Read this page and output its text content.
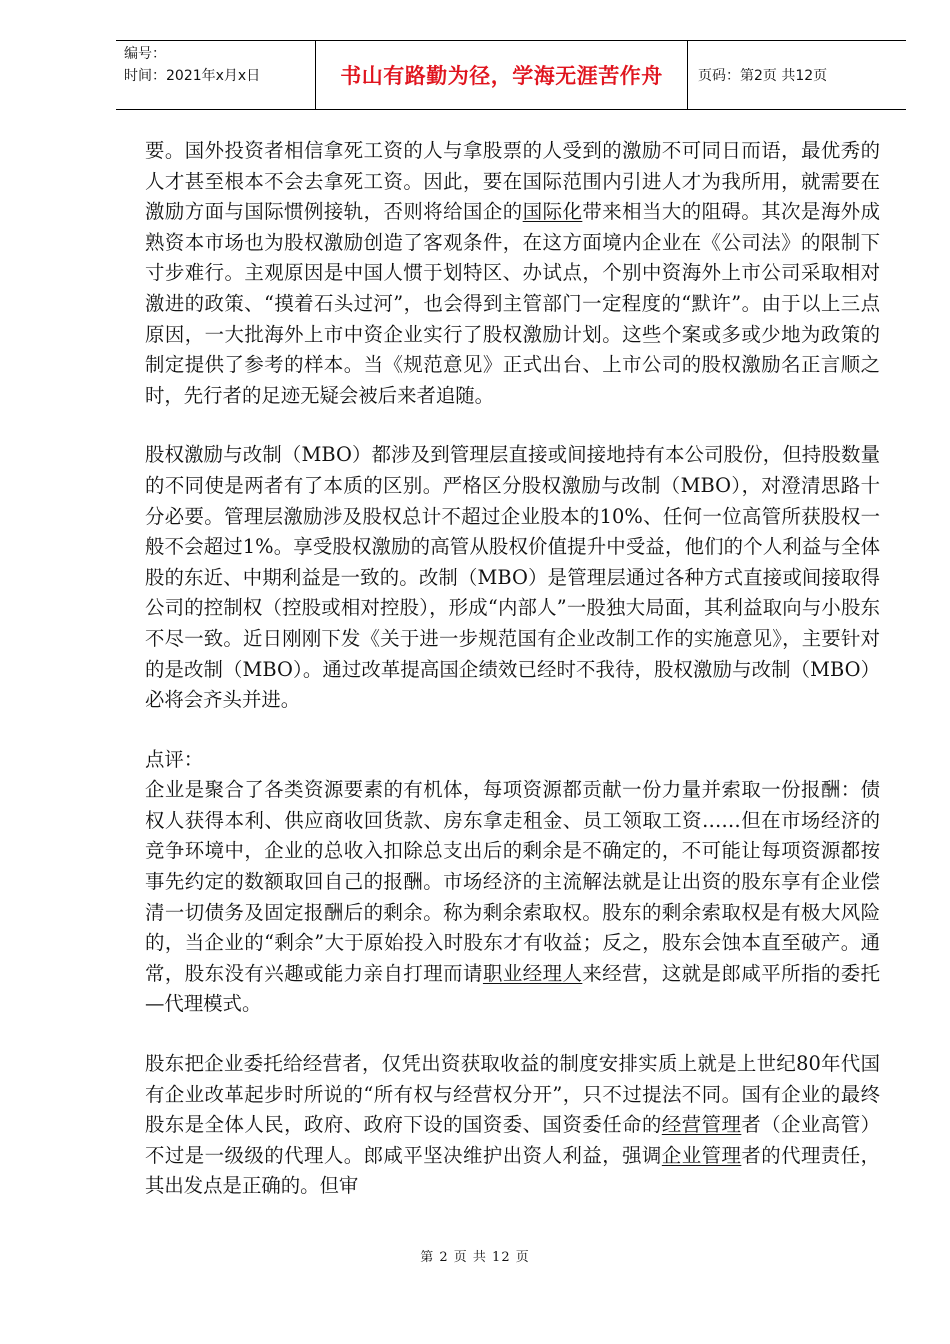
编号：
时间：2021年x月x日	书山有路勤为径，学海无涯苦作舟	页码：第2页 共12页

要。国外投资者相信拿死工资的人与拿股票的人受到的激励不可同日而语，最优秀的人才甚至根本不会去拿死工资。因此，要在国际范围内引进人才为我所用，就需要在激励方面与国际惯例接轨，否则将给国企的国际化带来相当大的阻碍。其次是海外成熟资本市场也为股权激励创造了客观条件，在这方面境内企业在《公司法》的限制下寸步难行。主观原因是中国人惯于划特区、办试点，个别中资海外上市公司采取相对激进的政策、“摸着石头过河”，也会得到主管部门一定程度的“默许”。由于以上三点原因，一大批海外上市中资企业实行了股权激励计划。这些个案或多或少地为政策的制定提供了参考的样本。当《规范意见》正式出台、上市公司的股权激励名正言顺之时，先行者的足迹无疑会被后来者追随。

股权激励与改制（MBO）都涉及到管理层直接或间接地持有本公司股份，但持股数量的不同使是两者有了本质的区别。严格区分股权激励与改制（MBO），对澄清思路十分必要。管理层激励涉及股权总计不超过企业股本的10%、任何一位高管所获股权一般不会超过1%。享受股权激励的高管从股权价值提升中受益，他们的个人利益与全体股的东近、中期利益是一致的。改制（MBO）是管理层通过各种方式直接或间接取得公司的控制权（控股或相对控股），形成“内部人”一股独大局面，其利益取向与小股东不尽一致。近日刚刚下发《关于进一步规范国有企业改制工作的实施意见》，主要针对的是改制（MBO）。通过改革提高国企绩效已经时不我待，股权激励与改制（MBO）必将会齐头并进。

点评：

企业是聚合了各类资源要素的有机体，每项资源都贡献一份力量并索取一份报酬：债权人获得本利、供应商收回货款、房东拿走租金、员工领取工资……但在市场经济的竞争环境中，企业的总收入扣除总支出后的剩余是不确定的，不可能让每项资源都按事先约定的数额取回自己的报酬。市场经济的主流解法就是让出资的股东享有企业偿清一切债务及固定报酬后的剩余。称为剩余索取权。股东的剩余索取权是有极大风险的，当企业的“剩余”大于原始投入时股东才有收益；反之，股东会蚀本直至破产。通常，股东没有兴趣或能力亲自打理而请职业经理人来经营，这就是郎咸平所指的委托—代理模式。

股东把企业委托给经营者，仅凭出资获取收益的制度安排实质上就是上世纪80年代国有企业改革起步时所说的“所有权与经营权分开”，只不过提法不同。国有企业的最终股东是全体人民，政府、政府下设的国资委、国资委任命的经营管理者（企业高管）不过是一级级的代理人。郎咸平坚决维护出资人利益，强调企业管理者的代理责任，其出发点是正确的。但审

第 2 页 共 12 页
